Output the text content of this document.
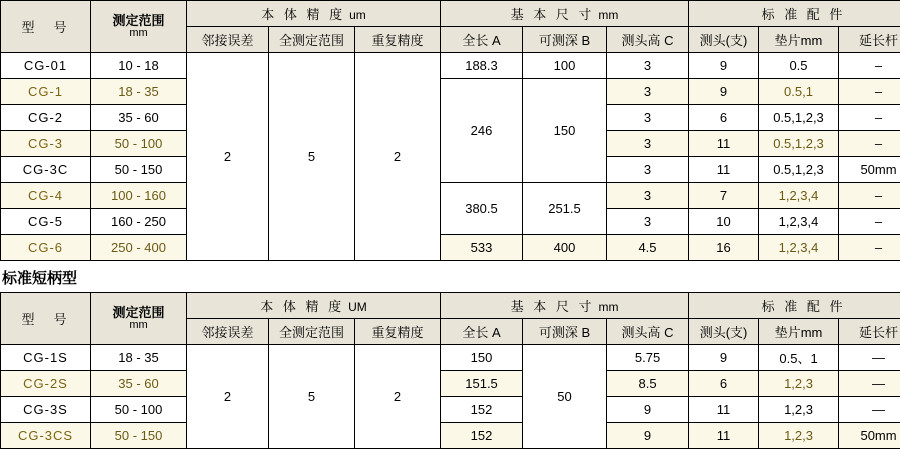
型　号	测定范围
mm	本 体 精 度 um			基 本 尺 寸 mm			标 准 配 件		
		邻接误差	全测定范围	重复精度	全长 A	可测深 B	测头高 C	测头(支)	垫片mm	延长杆
CG-01	10 - 18	2	5	2	188.3	100	3	9	0.5	–
CG-1	18 - 35				246	150	3	9	0.5,1	–
CG-2	35 - 60						3	6	0.5,1,2,3	–
CG-3	50 - 100						3	11	0.5,1,2,3	–
CG-3C	50 - 150						3	11	0.5,1,2,3	50mm
CG-4	100 - 160				380.5	251.5	3	7	1,2,3,4	–
CG-5	160 - 250						3	10	1,2,3,4	–
CG-6	250 - 400				533	400	4.5	16	1,2,3,4	–
标准短柄型
型　号	测定范围
mm	本 体 精 度 UM			基 本 尺 寸 mm			标 准 配 件		
		邻接误差	全测定范围	重复精度	全长 A	可测深 B	测头高 C	测头(支)	垫片mm	延长杆
CG-1S	18 - 35	2	5	2	150	50	5.75	9	0.5、1	—
CG-2S	35 - 60				151.5		8.5	6	1,2,3	—
CG-3S	50 - 100				152		9	11	1,2,3	—
CG-3CS	50 - 150				152		9	11	1,2,3	50mm
